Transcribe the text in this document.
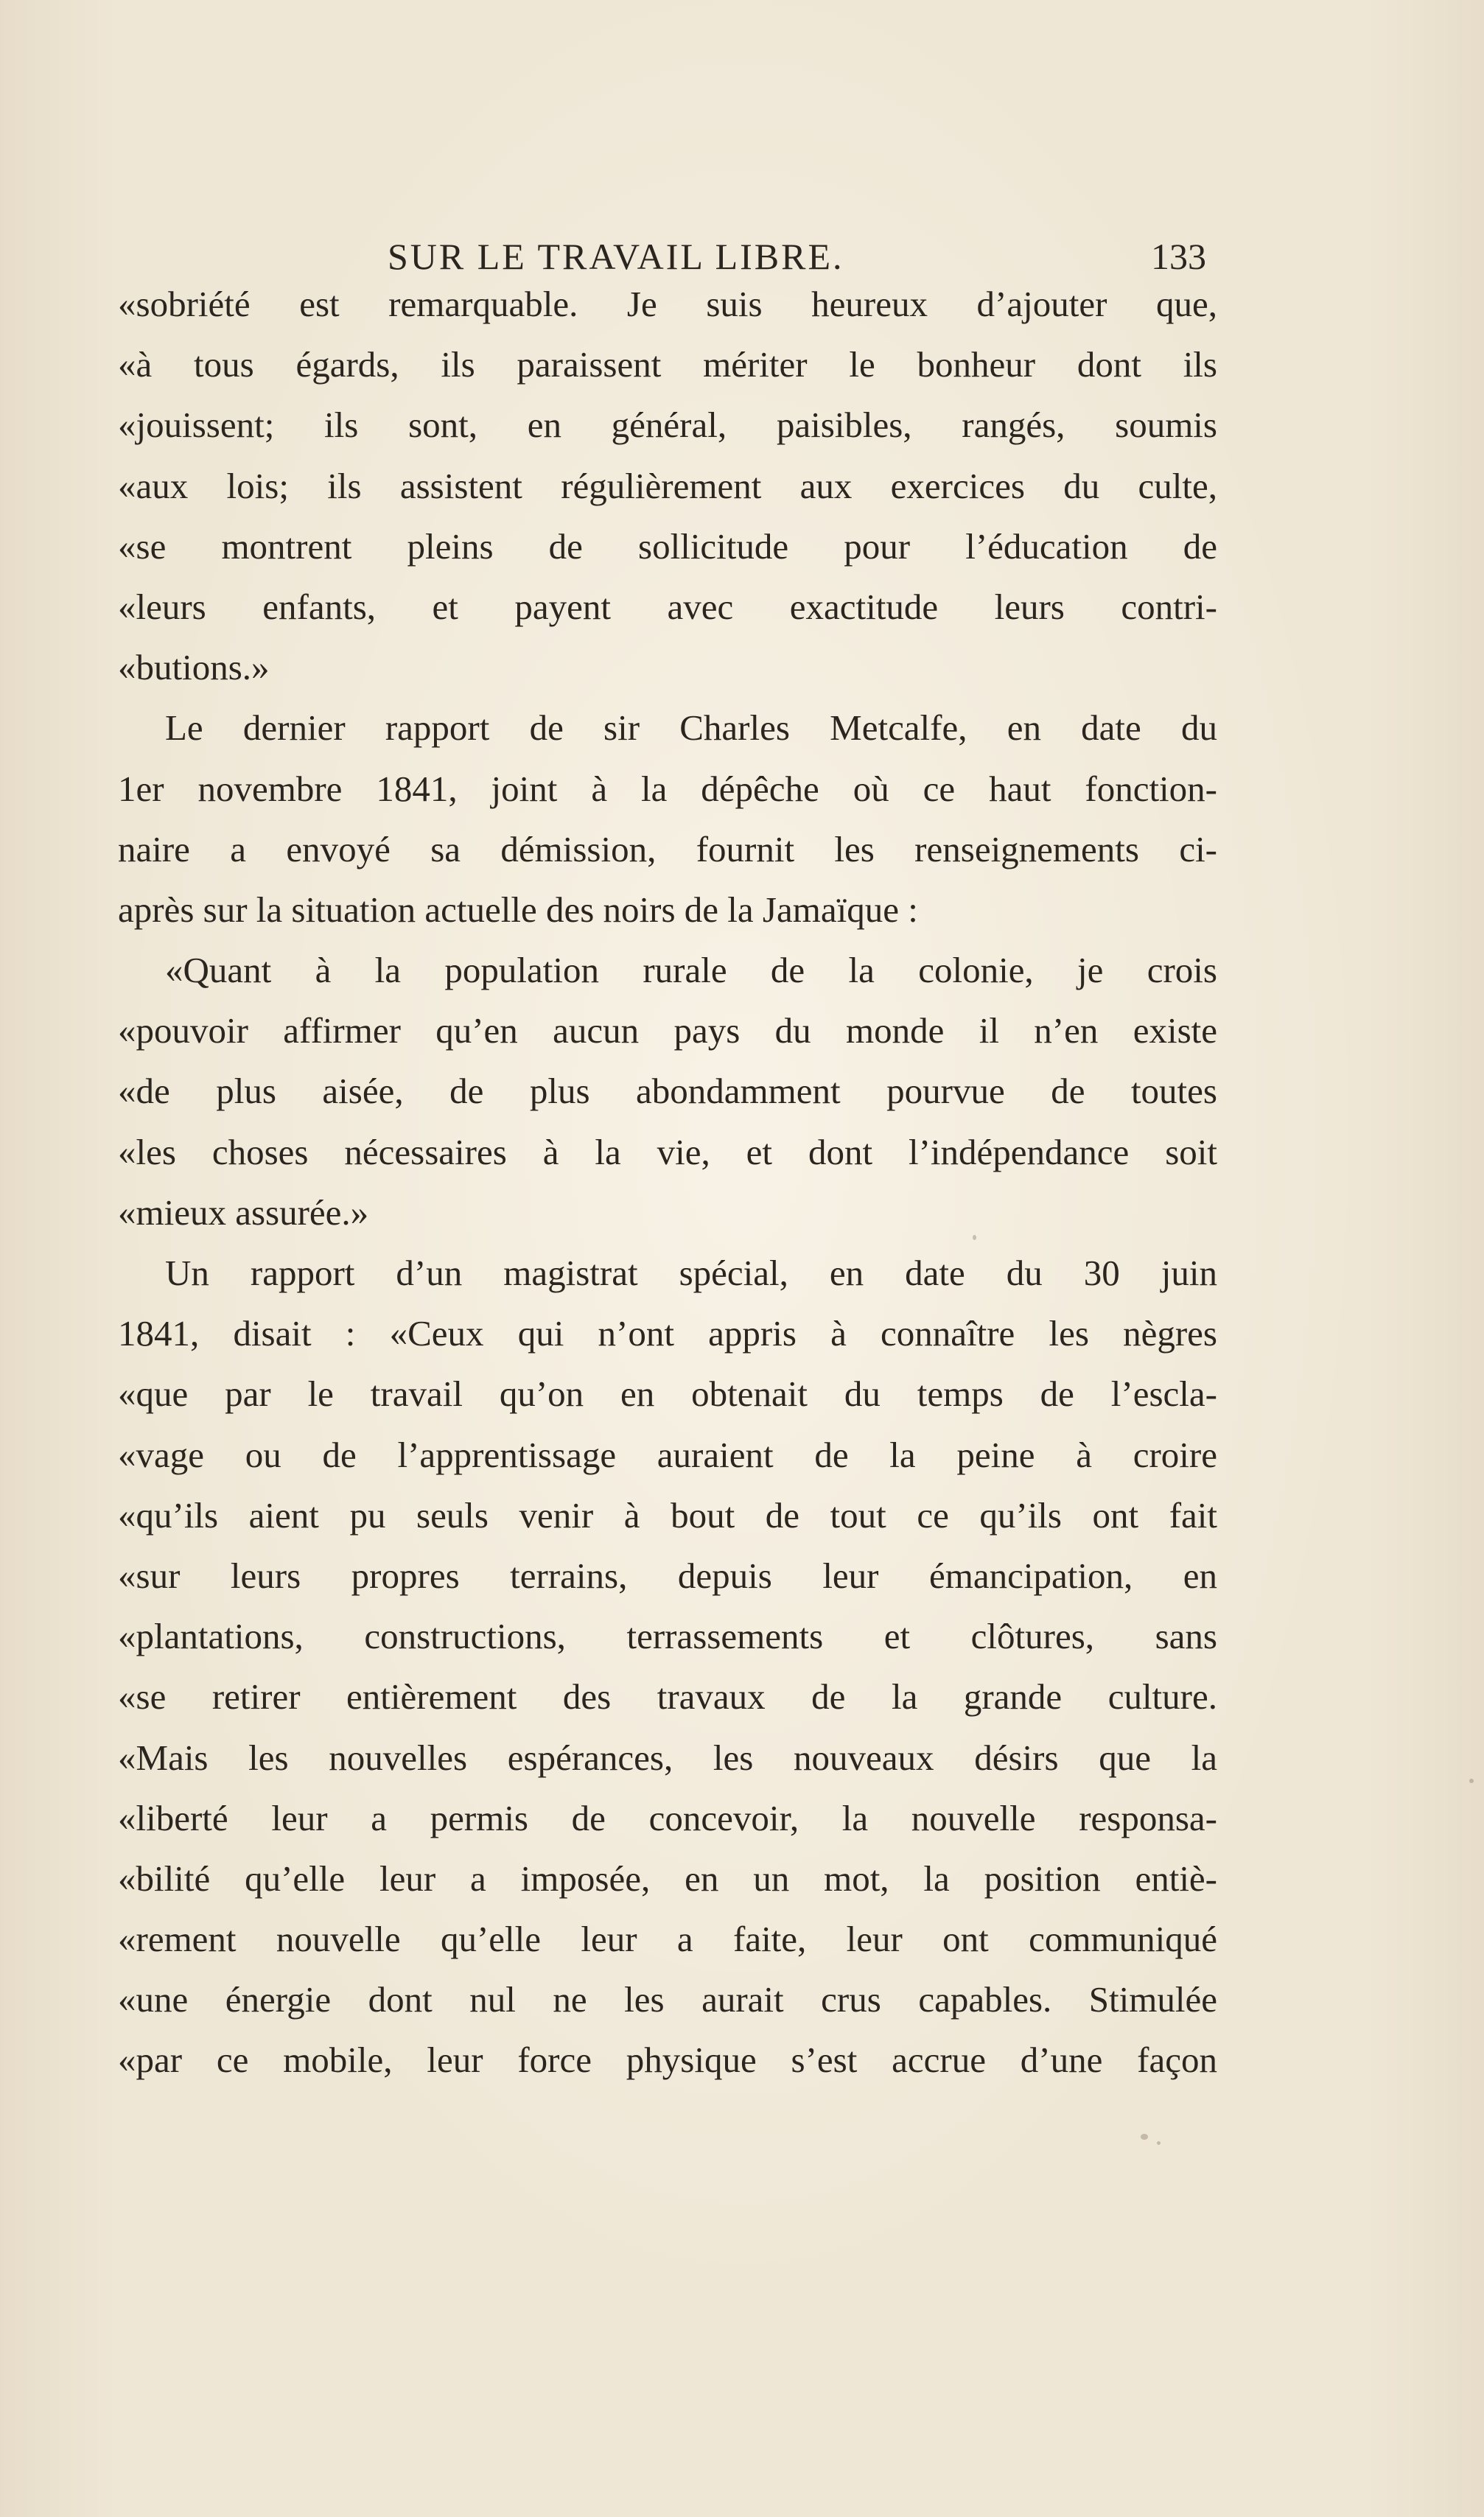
SUR LE TRAVAIL LIBRE.	133
«sobriété est remarquable. Je suis heureux d’ajouter que,
«à tous égards, ils paraissent mériter le bonheur dont ils
«jouissent; ils sont, en général, paisibles, rangés, soumis
«aux lois; ils assistent régulièrement aux exercices du culte,
«se montrent pleins de sollicitude pour l’éducation de
«leurs enfants, et payent avec exactitude leurs contri-
«butions.»
Le dernier rapport de sir Charles Metcalfe, en date du
1er novembre 1841, joint à la dépêche où ce haut fonction-
naire a envoyé sa démission, fournit les renseignements ci-
après sur la situation actuelle des noirs de la Jamaïque :
«Quant à la population rurale de la colonie, je crois
«pouvoir affirmer qu’en aucun pays du monde il n’en existe
«de plus aisée, de plus abondamment pourvue de toutes
«les choses nécessaires à la vie, et dont l’indépendance soit
«mieux assurée.»
Un rapport d’un magistrat spécial, en date du 30 juin
1841, disait : «Ceux qui n’ont appris à connaître les nègres
«que par le travail qu’on en obtenait du temps de l’escla-
«vage ou de l’apprentissage auraient de la peine à croire
«qu’ils aient pu seuls venir à bout de tout ce qu’ils ont fait
«sur leurs propres terrains, depuis leur émancipation, en
«plantations, constructions, terrassements et clôtures, sans
«se retirer entièrement des travaux de la grande culture.
«Mais les nouvelles espérances, les nouveaux désirs que la
«liberté leur a permis de concevoir, la nouvelle responsa-
«bilité qu’elle leur a imposée, en un mot, la position entiè-
«rement nouvelle qu’elle leur a faite, leur ont communiqué
«une énergie dont nul ne les aurait crus capables. Stimulée
«par ce mobile, leur force physique s’est accrue d’une façon
